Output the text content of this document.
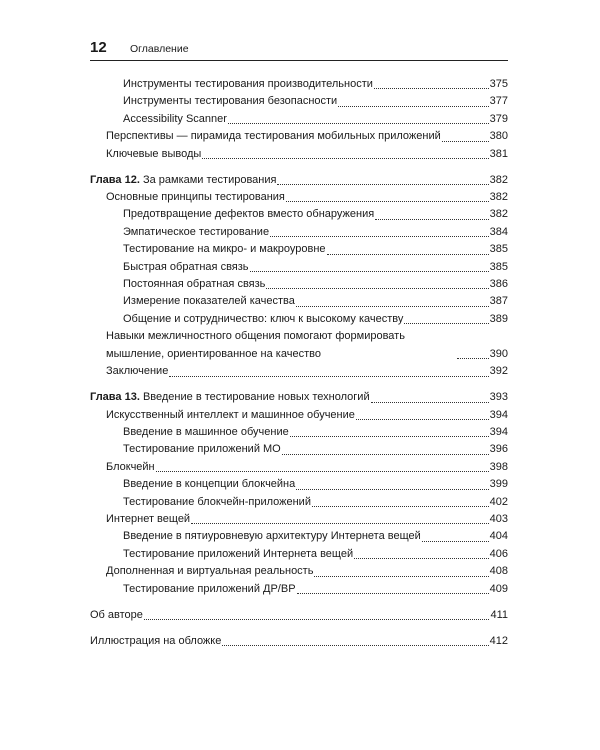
12 Оглавление
Инструменты тестирования производительности	375
Инструменты тестирования безопасности	377
Accessibility Scanner	379
Перспективы — пирамида тестирования мобильных приложений	380
Ключевые выводы	381
Глава 12. За рамками тестирования	382
Основные принципы тестирования	382
Предотвращение дефектов вместо обнаружения	382
Эмпатическое тестирование	384
Тестирование на микро- и макроуровне	385
Быстрая обратная связь	385
Постоянная обратная связь	386
Измерение показателей качества	387
Общение и сотрудничество: ключ к высокому качеству	389
Навыки межличностного общения помогают формировать мышление, ориентированное на качество	390
Заключение	392
Глава 13. Введение в тестирование новых технологий	393
Искусственный интеллект и машинное обучение	394
Введение в машинное обучение	394
Тестирование приложений МО	396
Блокчейн	398
Введение в концепции блокчейна	399
Тестирование блокчейн-приложений	402
Интернет вещей	403
Введение в пятиуровневую архитектуру Интернета вещей	404
Тестирование приложений Интернета вещей	406
Дополненная и виртуальная реальность	408
Тестирование приложений ДР/ВР	409
Об авторе	411
Иллюстрация на обложке	412
